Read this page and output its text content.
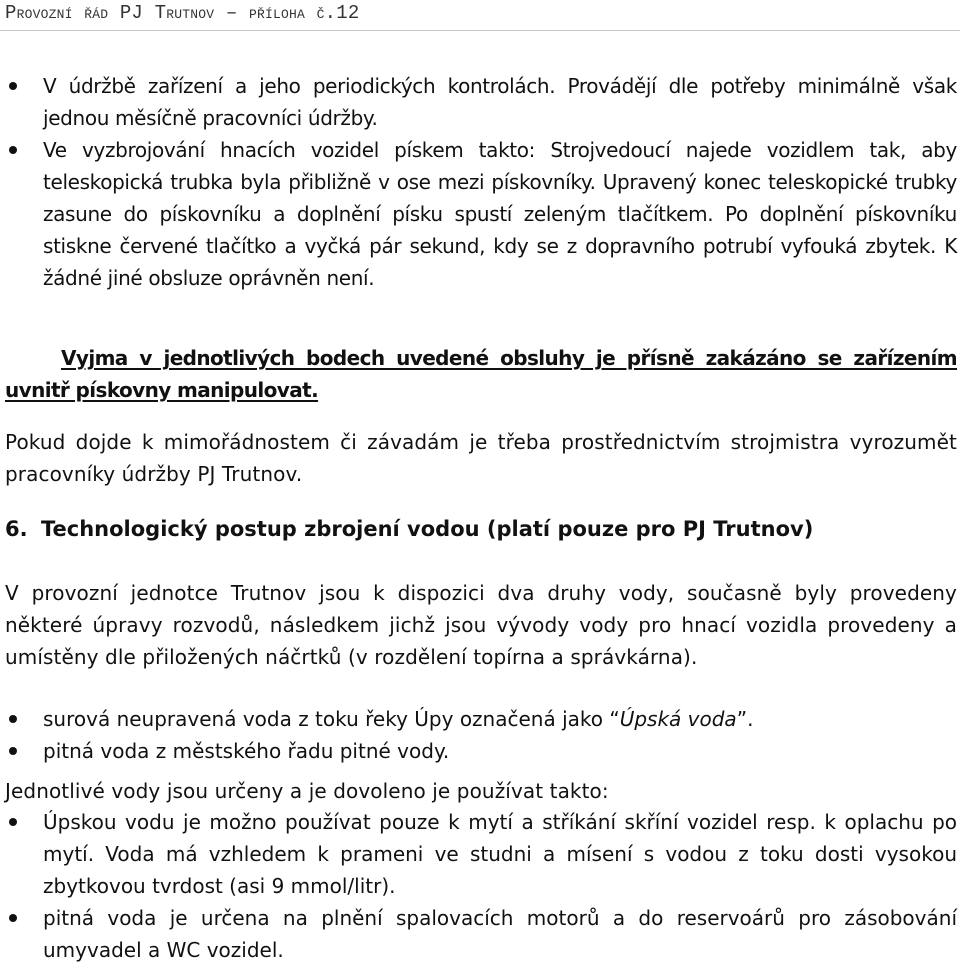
Provozní řád PJ Trutnov – příloha č.12
V údržbě zařízení a jeho periodických kontrolách. Provádějí dle potřeby minimálně však jednou měsíčně pracovníci údržby.
Ve vyzbrojování hnacích vozidel pískem takto: Strojvedoucí najede vozidlem tak, aby teleskopická trubka byla přibližně v ose mezi pískovníky. Upravený konec teleskopické trubky zasune do pískovníku a doplnění písku spustí zeleným tlačítkem. Po doplnění pískovníku stiskne červené tlačítko a vyčká pár sekund, kdy se z dopravního potrubí vyfouká zbytek. K žádné jiné obsluze oprávněn není.
Vyjma v jednotlivých bodech uvedené obsluhy je přísně zakázáno se zařízením uvnitř pískovny manipulovat.
Pokud dojde k mimořádnostem či závadám je třeba prostřednictvím strojmistra vyrozumět pracovníky údržby PJ Trutnov.
6. Technologický postup zbrojení vodou (platí pouze pro PJ Trutnov)
V provozní jednotce Trutnov jsou k dispozici dva druhy vody, současně byly provedeny některé úpravy rozvodů, následkem jichž jsou vývody vody pro hnací vozidla provedeny a umístěny dle přiložených náčrtků (v rozdělení topírna a správkárna).
surová neupravená voda z toku řeky Úpy označená jako “Úpská voda”.
pitná voda z městského řadu pitné vody.
Jednotlivé vody jsou určeny a je dovoleno je používat takto:
Úpskou vodu je možno používat pouze k mytí a stříkání skříní vozidel resp. k oplachu po mytí. Voda má vzhledem k prameni ve studni a mísení s vodou z toku dosti vysokou zbytkovou tvrdost (asi 9 mmol/litr).
pitná voda je určena na plnění spalovacích motorů a do reservoárů pro zásobování umyvadel a WC vozidel.
